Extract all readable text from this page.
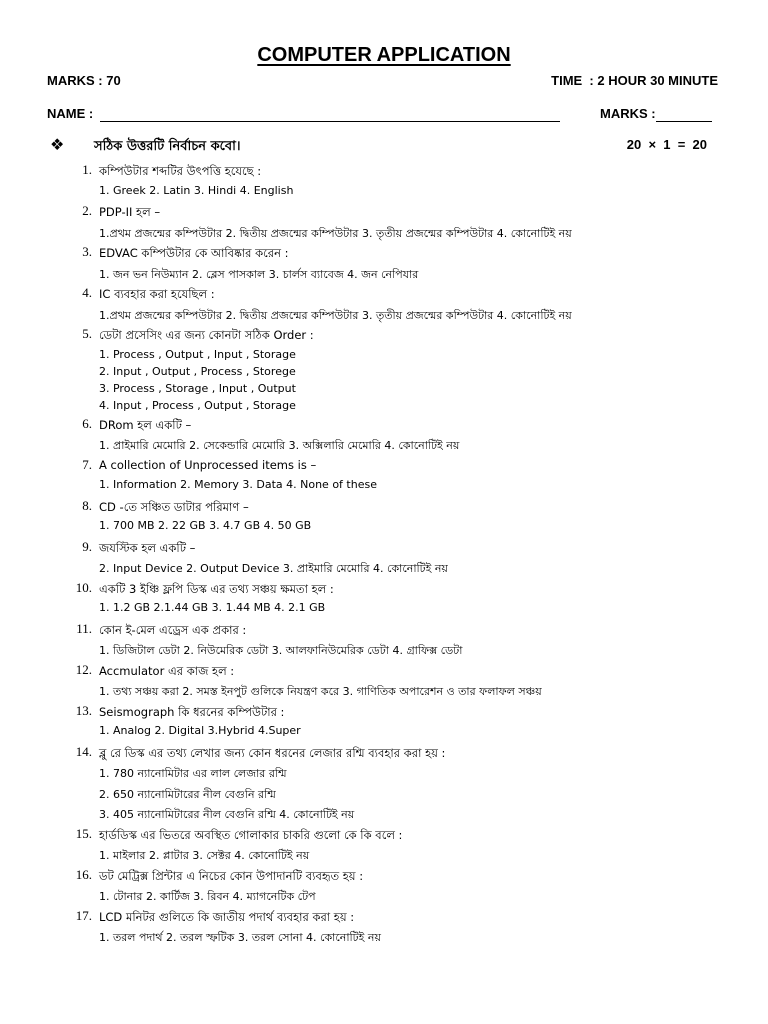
COMPUTER APPLICATION
MARKS : 70	TIME  : 2 HOUR 30 MINUTE
NAME :	MARKS :
❖ সঠিক উত্তরটি নির্বাচন কবো।	20  ×  1  =  20
1. কম্পিউটার শব্দটির উৎপত্তি হযেছে :
1. Greek 2. Latin 3. Hindi 4. English
2. PDP-II হল –
1.প্রথম প্রজন্মের কম্পিউটার 2. দ্বিতীয় প্রজন্মের কম্পিউটার 3. তৃতীয় প্রজন্মের কম্পিউটার 4. কোনোটিই নয়
3. EDVAC কম্পিউটার কে আবিষ্কার করেন :
1. জন ভন নিউম্যান 2. ব্লেস পাসকাল 3. চার্লস ব্যাবেজ 4. জন নেপিযার
4. IC ব্যবহার করা হযেছিল :
1.প্রথম প্রজন্মের কম্পিউটার 2. দ্বিতীয় প্রজন্মের কম্পিউটার 3. তৃতীয় প্রজন্মের কম্পিউটার 4. কোনোটিই নয়
5. ডেটা প্রসেসিং এর জন্য কোনটা সঠিক Order :
1. Process , Output , Input , Storage
2. Input , Output , Process , Storege
3. Process , Storage , Input , Output
4. Input , Process , Output , Storage
6. DRom হল একটি –
1. প্রাইমারি মেমোরি 2. সেকেন্ডারি মেমোরি 3. অক্সিলারি মেমোরি 4. কোনোটিই নয়
7. A collection of Unprocessed items is –
1. Information 2. Memory 3. Data 4. None of these
8. CD -তে সঞ্চিত ডাটার পরিমাণ –
1. 700 MB 2. 22 GB 3. 4.7 GB 4. 50 GB
9. জযস্টিক হল একটি –
2. Input Device 2. Output Device 3. প্রাইমারি মেমোরি 4. কোনোটিই নয়
10. একটি 3 ইঞ্চি ফ্লপি ডিস্ক এর তথ্য সঞ্চয় ক্ষমতা হল :
1. 1.2 GB 2.1.44 GB 3. 1.44 MB 4. 2.1 GB
11. কোন ই-মেল এড্রেস এক প্রকার :
1. ডিজিটাল ডেটা 2. নিউমেরিক ডেটা 3. আলফানিউমেরিক ডেটা 4. গ্রাফিক্স ডেটা
12. Accmulator এর কাজ হল :
1. তথ্য সঞ্চয় করা 2. সমস্ত ইনপুট গুলিকে নিযন্ত্রণ করে 3. গাণিতিক অপারেশন ও তার ফলাফল সঞ্চয়
13. Seismograph কি ধরনের কম্পিউটার :
1. Analog 2. Digital 3.Hybrid 4.Super
14. ব্লু রে ডিস্ক এর তথ্য লেখার জন্য কোন ধরনের লেজার রশ্মি ব্যবহার করা হয় :
1. 780 ন্যানোমিটার এর লাল লেজার রশ্মি
2. 650 ন্যানোমিটারের নীল বেগুনি রশ্মি
3. 405 ন্যানোমিটারের নীল বেগুনি রশ্মি 4. কোনোটিই নয়
15. হার্ডডিস্ক এর ভিতরে অবস্থিত গোলাকার চাকরি গুলো কে কি বলে :
1. মাইলার 2. প্লাটার 3. সেক্টর 4. কোনোটিই নয়
16. ডট মেট্রিক্স প্রিন্টার এ নিচের কোন উপাদানটি ব্যবহৃত হয় :
1. টোনার 2. কার্টিজ 3. রিবন 4. ম্যাগনেটিক টেপ
17. LCD মনিটর গুলিতে কি জাতীয় পদার্থ ব্যবহার করা হয় :
1. তরল পদার্থ 2. তরল স্ফটিক 3. তরল সোনা 4. কোনোটিই নয়
